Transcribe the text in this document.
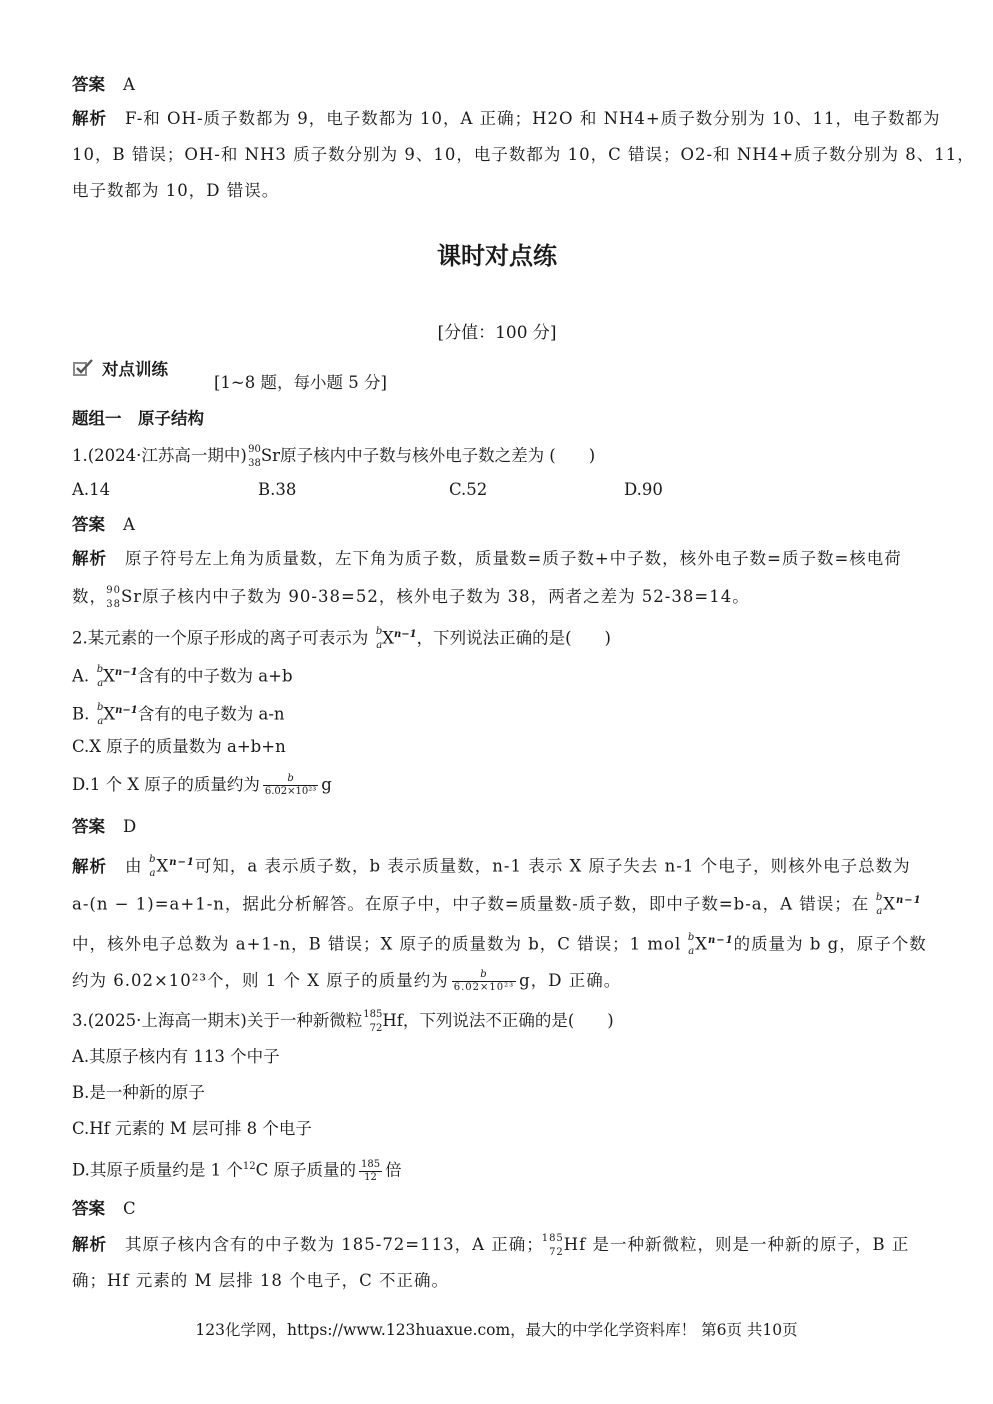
答案 A
解析 F-和 OH-质子数都为 9，电子数都为 10，A 正确；H2O 和 NH4+质子数分别为 10、11，电子数都为
10，B 错误；OH-和 NH3 质子数分别为 9、10，电子数都为 10，C 错误；O2-和 NH4+质子数分别为 8、11，
电子数都为 10，D 错误。
课时对点练
[分值：100 分]
对点训练
[1~8 题，每小题 5 分]
题组一　原子结构
1.(2024·江苏高一期中) 90
38 Sr原子核内中子数与核外电子数之差为 (　　)
A.14	B.38	C.52	D.90
答案 A
解析 原子符号左上角为质量数，左下角为质子数，质量数=质子数+中子数，核外电子数=质子数=核电荷
数， 90
38 Sr原子核内中子数为 90-38=52，核外电子数为 38，两者之差为 52-38=14。
2.某元素的一个原子形成的离子可表示为 b
a $X^{n-1}$，下列说法正确的是(　　)
A. b
a $X^{n-1}$含有的中子数为 a+b
B. b
a $X^{n-1}$含有的电子数为 a-n
C.X 原子的质量数为 a+b+n
D.1 个 X 原子的质量约为 $\frac{b}{\text{6.02×10²³}}$ g
答案 D
解析 由 b
a $X^{n-1}$可知，a 表示质子数，b 表示质量数，n-1 表示 X 原子失去 n-1 个电子，则核外电子总数为
a-(n − 1)=a+1-n，据此分析解答。在原子中，中子数=质量数-质子数，即中子数=b-a，A 错误；在 b
a $X^{n-1}$
中，核外电子总数为 a+1-n，B 错误；X 原子的质量数为 b，C 错误；1 mol b
a $X^{n-1}$的质量为 b g，原子个数
约为 6.02×10²³个，则 1 个 X 原子的质量约为 $\frac{b}{\text{6.02×10²³}}$ g，D 正确。
3.(2025·上海高一期末)关于一种新微粒 185
72 Hf，下列说法不正确的是(　　)
A.其原子核内有 113 个中子
B.是一种新的原子
C.Hf 元素的 M 层可排 8 个电子
D.其原子质量约是 1 个$^{12}$C 原子质量的 $\frac{185}{12}$ 倍
答案 C
解析 其原子核内含有的中子数为 185-72=113，A 正确；
185
72 Hf 是一种新微粒，则是一种新的原子，B 正
确；Hf 元素的 M 层排 18 个电子，C 不正确。
123化学网，https://www.123huaxue.com，最大的中学化学资料库！ 第6页 共10页
